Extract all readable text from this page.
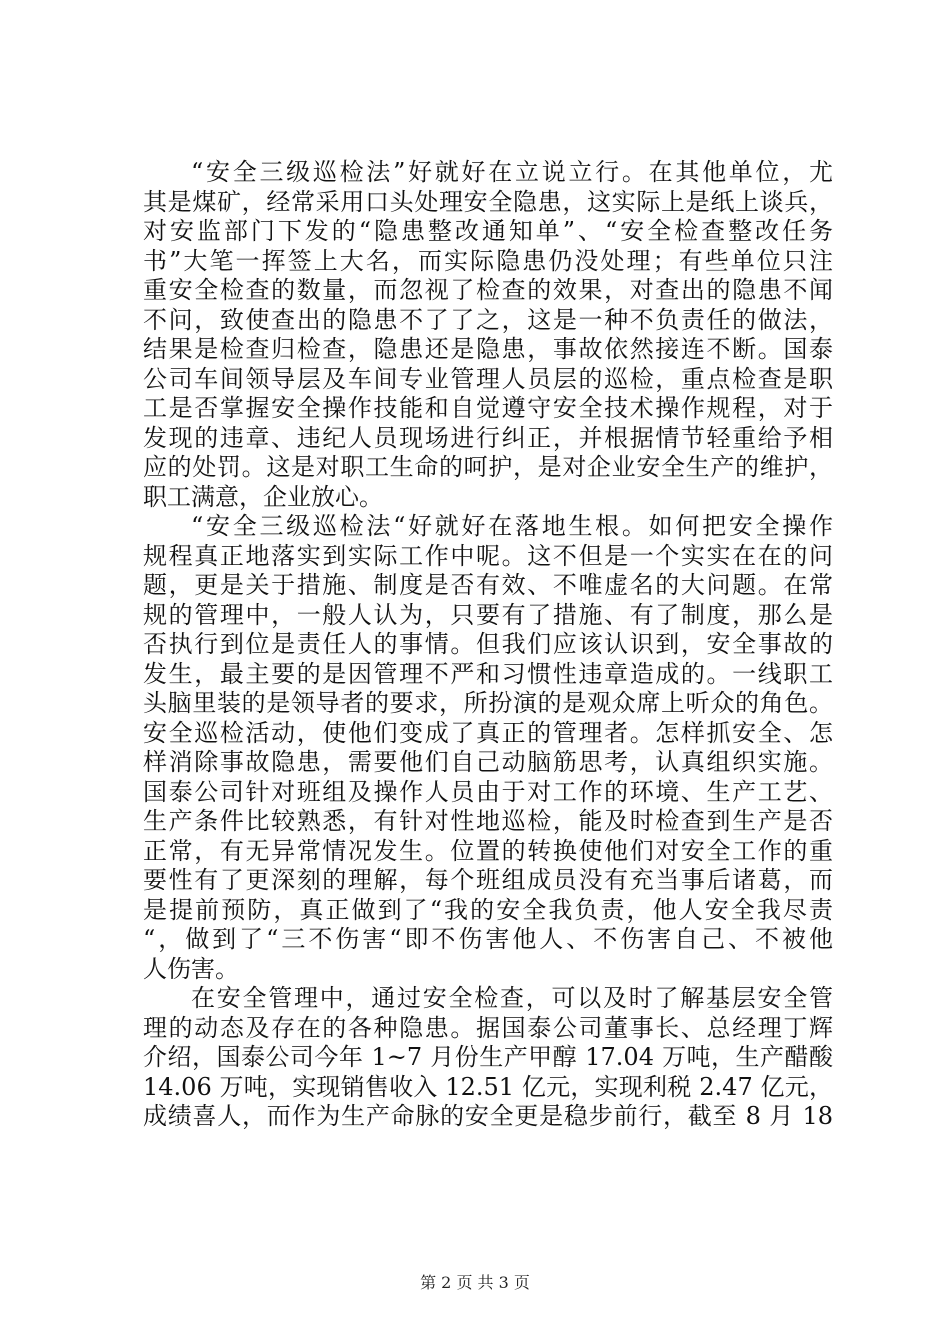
“安全三级巡检法”好就好在立说立行。在其他单位，尤
其是煤矿，经常采用口头处理安全隐患，这实际上是纸上谈兵，
对安监部门下发的“隐患整改通知单”、“安全检查整改任务
书”大笔一挥签上大名，而实际隐患仍没处理；有些单位只注
重安全检查的数量，而忽视了检查的效果，对查出的隐患不闻
不问，致使查出的隐患不了了之，这是一种不负责任的做法，
结果是检查归检查，隐患还是隐患，事故依然接连不断。国泰
公司车间领导层及车间专业管理人员层的巡检，重点检查是职
工是否掌握安全操作技能和自觉遵守安全技术操作规程，对于
发现的违章、违纪人员现场进行纠正，并根据情节轻重给予相
应的处罚。这是对职工生命的呵护，是对企业安全生产的维护，
职工满意，企业放心。
“安全三级巡检法“好就好在落地生根。如何把安全操作
规程真正地落实到实际工作中呢。这不但是一个实实在在的问
题，更是关于措施、制度是否有效、不唯虚名的大问题。在常
规的管理中，一般人认为，只要有了措施、有了制度，那么是
否执行到位是责任人的事情。但我们应该认识到，安全事故的
发生，最主要的是因管理不严和习惯性违章造成的。一线职工
头脑里装的是领导者的要求，所扮演的是观众席上听众的角色。
安全巡检活动，使他们变成了真正的管理者。怎样抓安全、怎
样消除事故隐患，需要他们自己动脑筋思考，认真组织实施。
国泰公司针对班组及操作人员由于对工作的环境、生产工艺、
生产条件比较熟悉，有针对性地巡检，能及时检查到生产是否
正常，有无异常情况发生。位置的转换使他们对安全工作的重
要性有了更深刻的理解，每个班组成员没有充当事后诸葛，而
是提前预防，真正做到了“我的安全我负责，他人安全我尽责
“，做到了“三不伤害“即不伤害他人、不伤害自己、不被他
人伤害。
在安全管理中，通过安全检查，可以及时了解基层安全管
理的动态及存在的各种隐患。据国泰公司董事长、总经理丁辉
介绍，国泰公司今年 1~7 月份生产甲醇 17.04 万吨，生产醋酸
14.06 万吨，实现销售收入 12.51 亿元，实现利税 2.47 亿元，
成绩喜人，而作为生产命脉的安全更是稳步前行，截至 8 月 18
第 2 页 共 3 页
